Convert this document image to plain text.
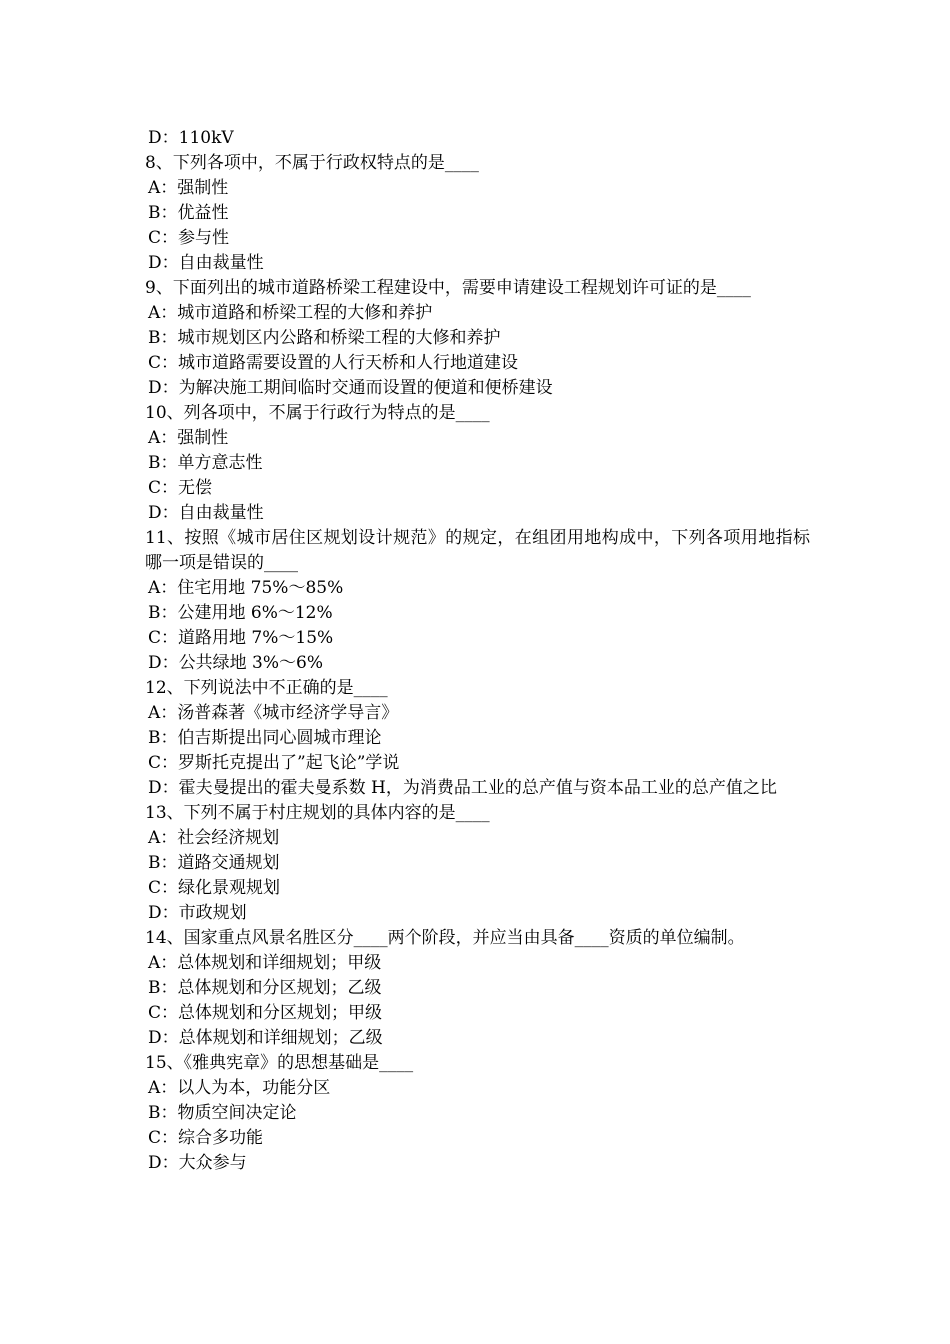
D：110kV
8、下列各项中，不属于行政权特点的是____
A：强制性
B：优益性
C：参与性
D：自由裁量性
9、下面列出的城市道路桥梁工程建设中，需要申请建设工程规划许可证的是____
A：城市道路和桥梁工程的大修和养护
B：城市规划区内公路和桥梁工程的大修和养护
C：城市道路需要设置的人行天桥和人行地道建设
D：为解决施工期间临时交通而设置的便道和便桥建设
10、列各项中，不属于行政行为特点的是____
A：强制性
B：单方意志性
C：无偿
D：自由裁量性
11、按照《城市居住区规划设计规范》的规定，在组团用地构成中，下列各项用地指标哪一项是错误的____
A：住宅用地 75%～85%
B：公建用地 6%～12%
C：道路用地 7%～15%
D：公共绿地 3%～6%
12、下列说法中不正确的是____
A：汤普森著《城市经济学导言》
B：伯吉斯提出同心圆城市理论
C：罗斯托克提出了”起飞论”学说
D：霍夫曼提出的霍夫曼系数 H，为消费品工业的总产值与资本品工业的总产值之比
13、下列不属于村庄规划的具体内容的是____
A：社会经济规划
B：道路交通规划
C：绿化景观规划
D：市政规划
14、国家重点风景名胜区分____两个阶段，并应当由具备____资质的单位编制。
A：总体规划和详细规划；甲级
B：总体规划和分区规划；乙级
C：总体规划和分区规划；甲级
D：总体规划和详细规划；乙级
15、《雅典宪章》的思想基础是____
A：以人为本，功能分区
B：物质空间决定论
C：综合多功能
D：大众参与
